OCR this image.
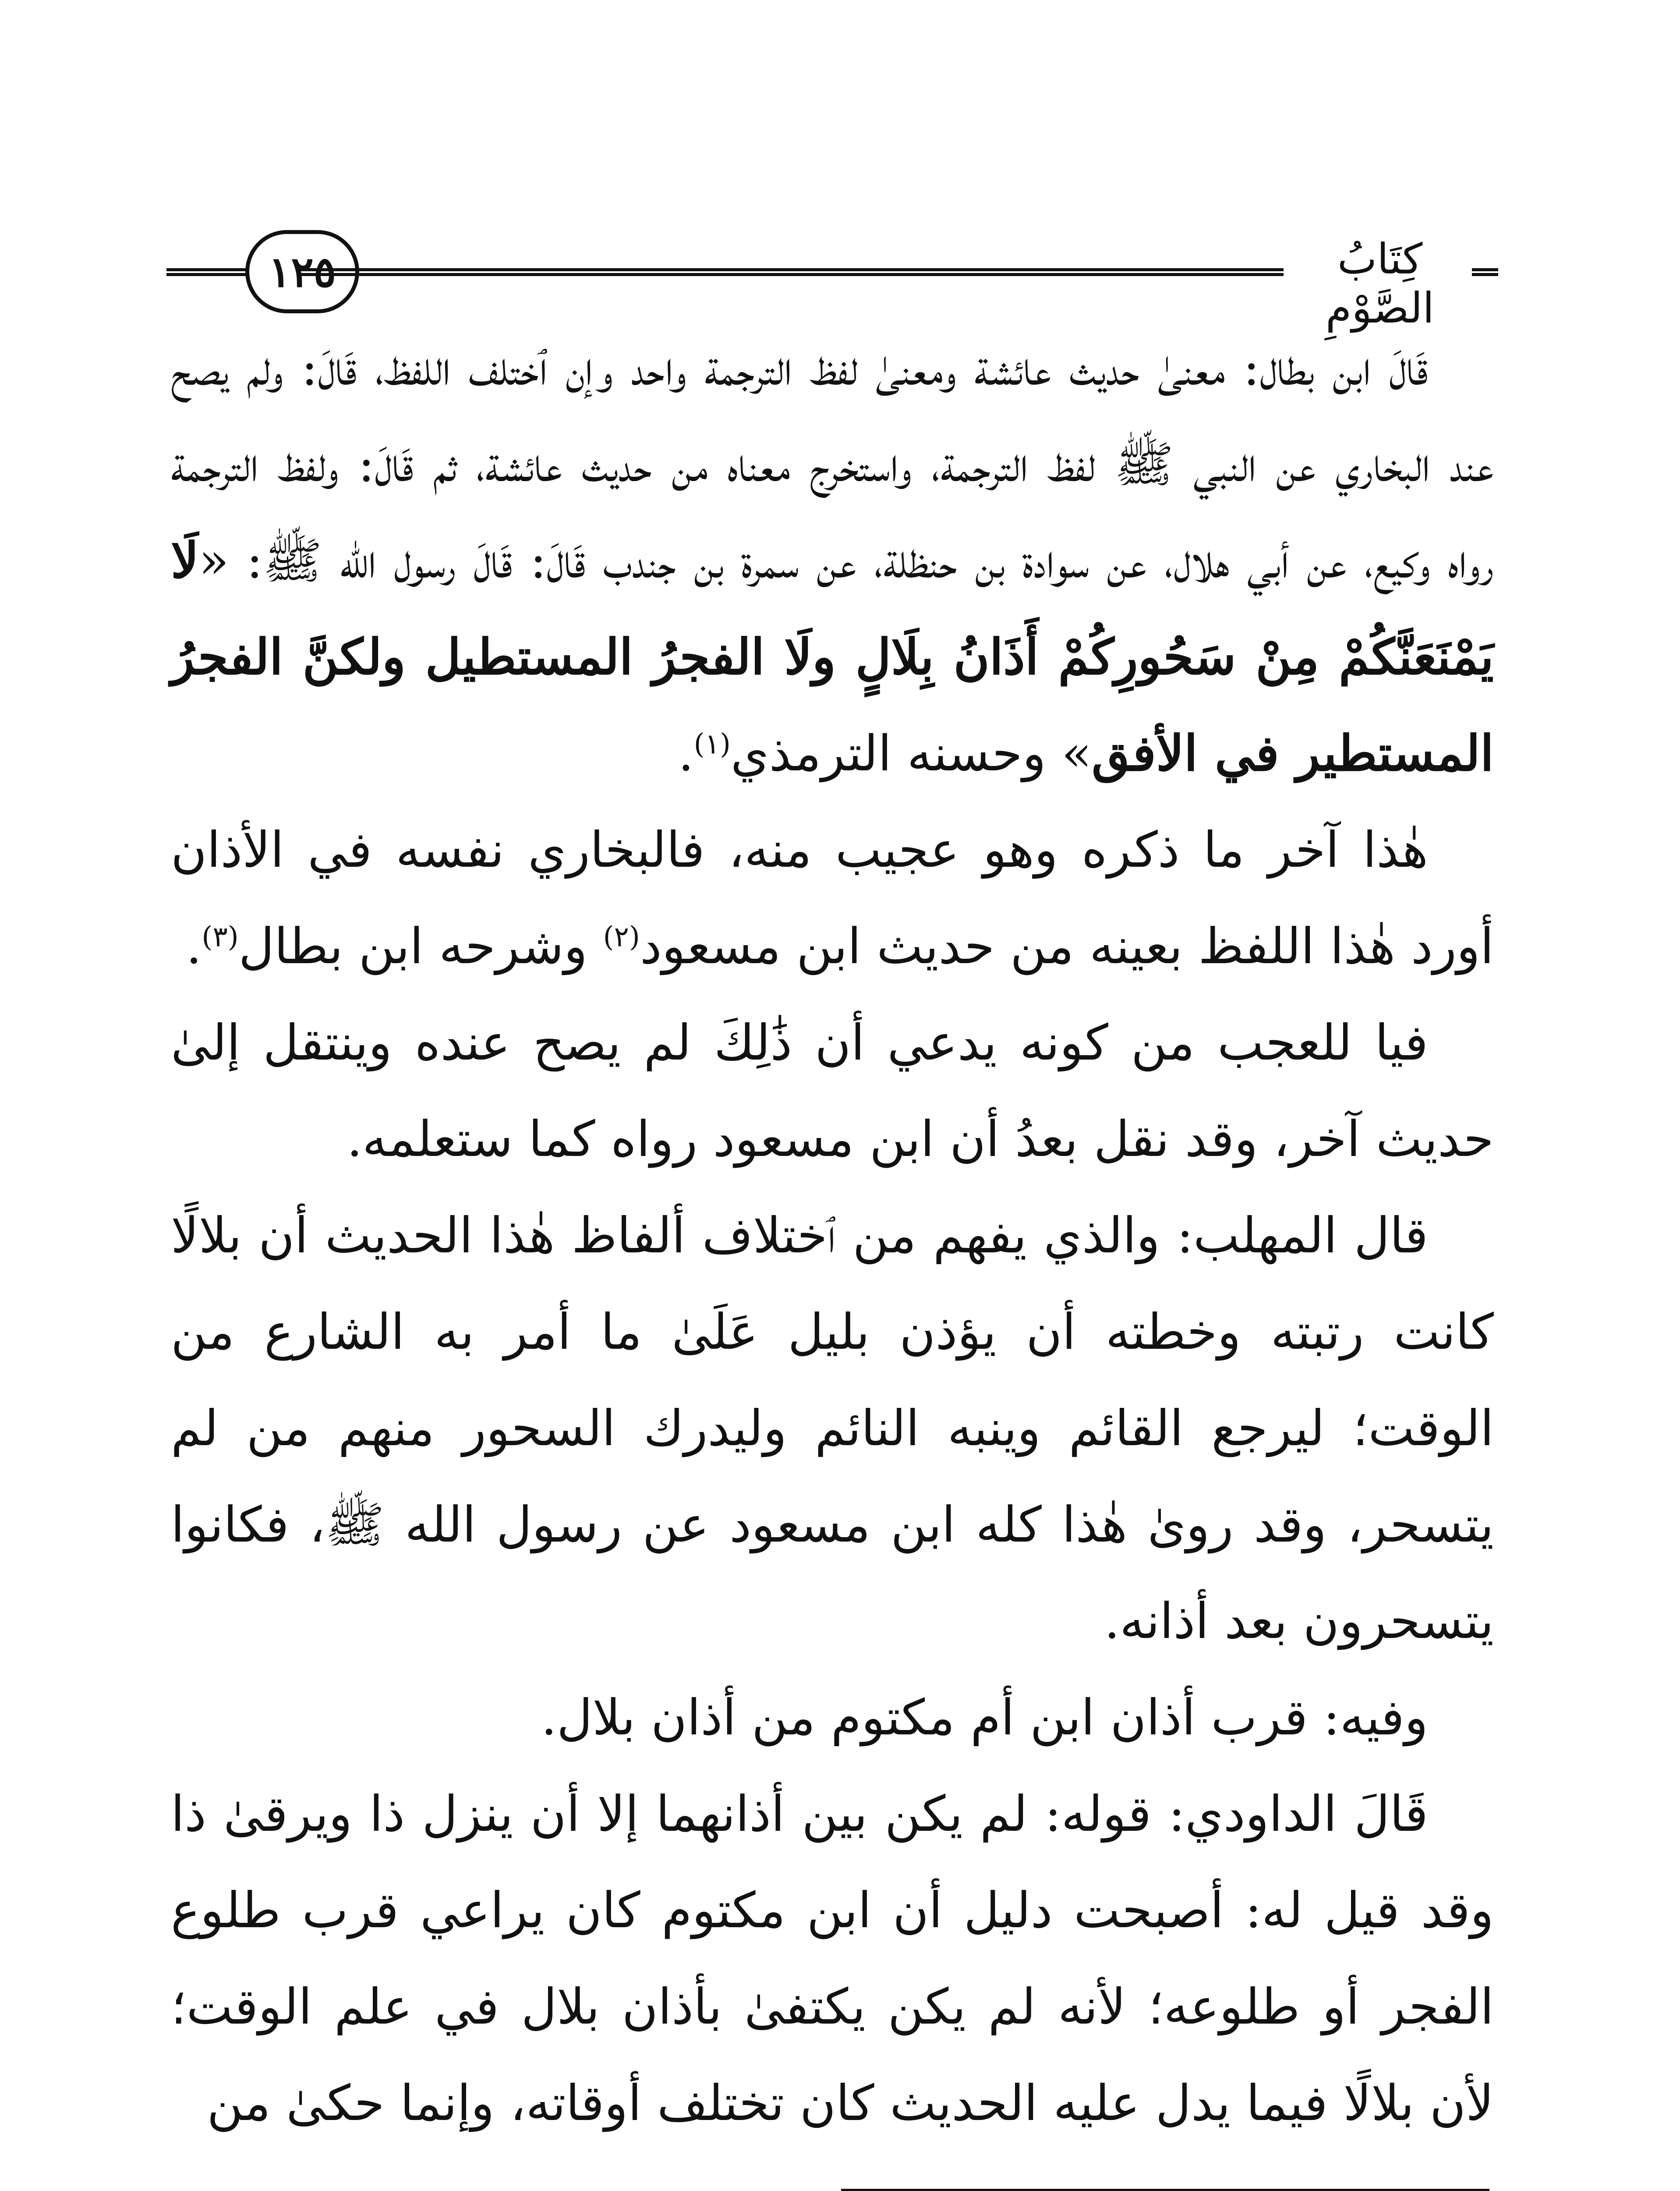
١٢٥	كِتَابُ الصَّوْمِ

قَالَ ابن بطال: معنىٰ حديث عائشة ومعنىٰ لفظ الترجمة واحد وإن ٱختلف اللفظ، قَالَ: ولم يصح عند البخاري عن النبي ﷺ لفظ الترجمة، واستخرج معناه من حديث عائشة، ثم قَالَ: ولفظ الترجمة رواه وكيع، عن أبي هلال، عن سوادة بن حنظلة، عن سمرة بن جندب قَالَ: قَالَ رسول الله ﷺ: «لَا يَمْنَعَنَّكُمْ مِنْ سَحُورِكُمْ أَذَانُ بِلَالٍ ولَا الفجرُ المستطيل ولكنَّ الفجرُ المستطير في الأفق» وحسنه الترمذي$^{(١)}$.

هٰذا آخر ما ذكره وهو عجيب منه، فالبخاري نفسه في الأذان أورد هٰذا اللفظ بعينه من حديث ابن مسعود$^{(٢)}$ وشرحه ابن بطال$^{(٣)}$.

فيا للعجب من كونه يدعي أن ذَٰلِكَ لم يصح عنده وينتقل إلىٰ حديث آخر، وقد نقل بعدُ أن ابن مسعود رواه كما ستعلمه.

قال المهلب: والذي يفهم من ٱختلاف ألفاظ هٰذا الحديث أن بلالًا كانت رتبته وخطته أن يؤذن بليل عَلَىٰ ما أمر به الشارع من الوقت؛ ليرجع القائم وينبه النائم وليدرك السحور منهم من لم يتسحر، وقد روىٰ هٰذا كله ابن مسعود عن رسول الله ﷺ، فكانوا يتسحرون بعد أذانه.

وفيه: قرب أذان ابن أم مكتوم من أذان بلال.

قَالَ الداودي: قوله: لم يكن بين أذانهما إلا أن ينزل ذا ويرقىٰ ذا وقد قيل له: أصبحت دليل أن ابن مكتوم كان يراعي قرب طلوع الفجر أو طلوعه؛ لأنه لم يكن يكتفىٰ بأذان بلال في علم الوقت؛ لأن بلالًا فيما يدل عليه الحديث كان تختلف أوقاته، وإنما حكىٰ من
